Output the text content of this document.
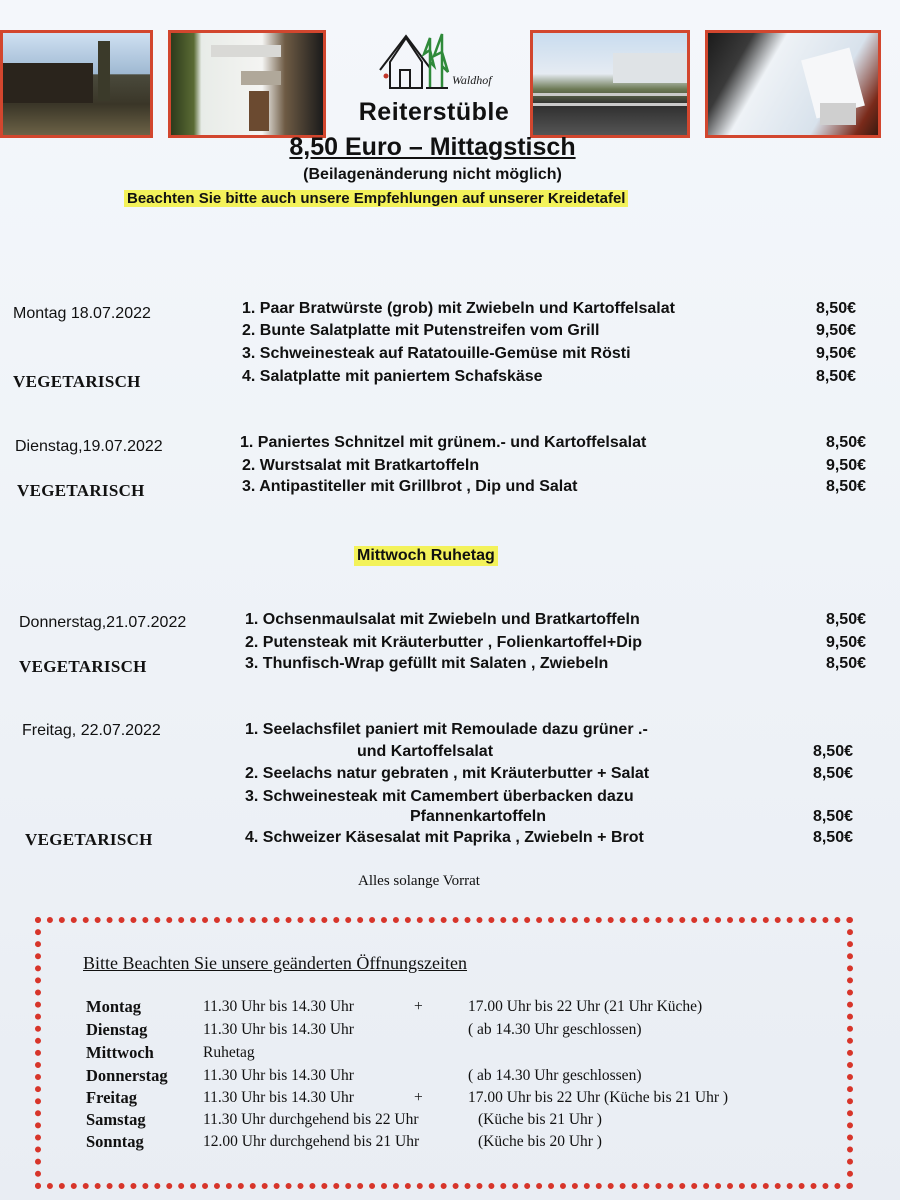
Waldhof
Reiterstüble
8,50 Euro – Mittagstisch
(Beilagenänderung nicht möglich)
Beachten Sie bitte auch unsere Empfehlungen auf unserer Kreidetafel
Montag 18.07.2022
VEGETARISCH
1. Paar Bratwürste (grob) mit Zwiebeln und Kartoffelsalat	8,50€
2. Bunte Salatplatte mit Putenstreifen vom Grill	9,50€
3. Schweinesteak auf Ratatouille-Gemüse mit Rösti	9,50€
4. Salatplatte mit paniertem Schafskäse	8,50€
Dienstag,19.07.2022
VEGETARISCH
1. Paniertes Schnitzel mit grünem.- und Kartoffelsalat	8,50€
2. Wurstsalat mit Bratkartoffeln	9,50€
3. Antipastiteller mit Grillbrot , Dip und Salat	8,50€
Mittwoch Ruhetag
Donnerstag,21.07.2022
VEGETARISCH
1. Ochsenmaulsalat mit Zwiebeln und Bratkartoffeln	8,50€
2. Putensteak mit Kräuterbutter , Folienkartoffel+Dip	9,50€
3. Thunfisch-Wrap gefüllt mit Salaten , Zwiebeln	8,50€
Freitag, 22.07.2022
VEGETARISCH
1. Seelachsfilet paniert mit Remoulade dazu grüner .-
und Kartoffelsalat	8,50€
2. Seelachs natur gebraten , mit Kräuterbutter + Salat	8,50€
3. Schweinesteak mit Camembert überbacken dazu
Pfannenkartoffeln	8,50€
4. Schweizer Käsesalat mit Paprika , Zwiebeln + Brot	8,50€
Alles solange Vorrat
Bitte Beachten Sie unsere geänderten Öffnungszeiten
Montag	11.30 Uhr bis 14.30 Uhr	+	17.00 Uhr bis 22 Uhr (21 Uhr Küche)
Dienstag	11.30 Uhr bis 14.30 Uhr	( ab 14.30 Uhr geschlossen)
Mittwoch	Ruhetag
Donnerstag 11.30 Uhr bis 14.30 Uhr	( ab 14.30 Uhr geschlossen)
Freitag	11.30 Uhr bis 14.30 Uhr	+	17.00 Uhr bis 22 Uhr (Küche bis 21 Uhr )
Samstag	11.30 Uhr durchgehend bis 22 Uhr	(Küche bis 21 Uhr )
Sonntag	12.00 Uhr durchgehend bis 21 Uhr	(Küche bis 20 Uhr )
